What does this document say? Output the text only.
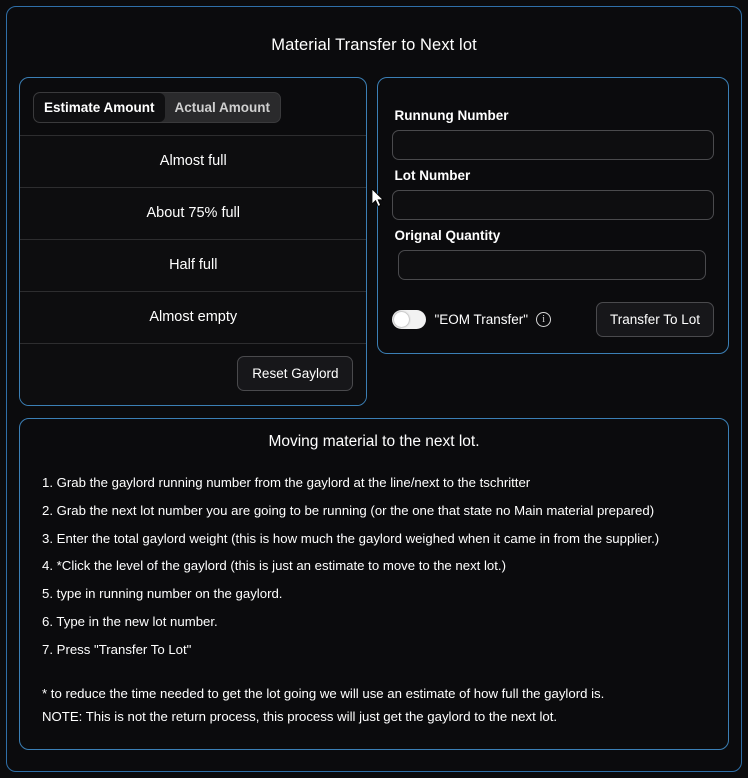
Material Transfer to Next lot
Estimate Amount	Actual Amount
Almost full
About 75% full
Half full
Almost empty
Reset Gaylord
Runnung Number
Lot Number
Orignal Quantity
"EOM Transfer"	i	Transfer To Lot
Moving material to the next lot.
1. Grab the gaylord running number from the gaylord at the line/next to the tschritter
2. Grab the next lot number you are going to be running (or the one that state no Main material prepared)
3. Enter the total gaylord weight (this is how much the gaylord weighed when it came in from the supplier.)
4. *Click the level of the gaylord (this is just an estimate to move to the next lot.)
5. type in running number on the gaylord.
6. Type in the new lot number.
7. Press "Transfer To Lot"
* to reduce the time needed to get the lot going we will use an estimate of how full the gaylord is.
NOTE: This is not the return process, this process will just get the gaylord to the next lot.
